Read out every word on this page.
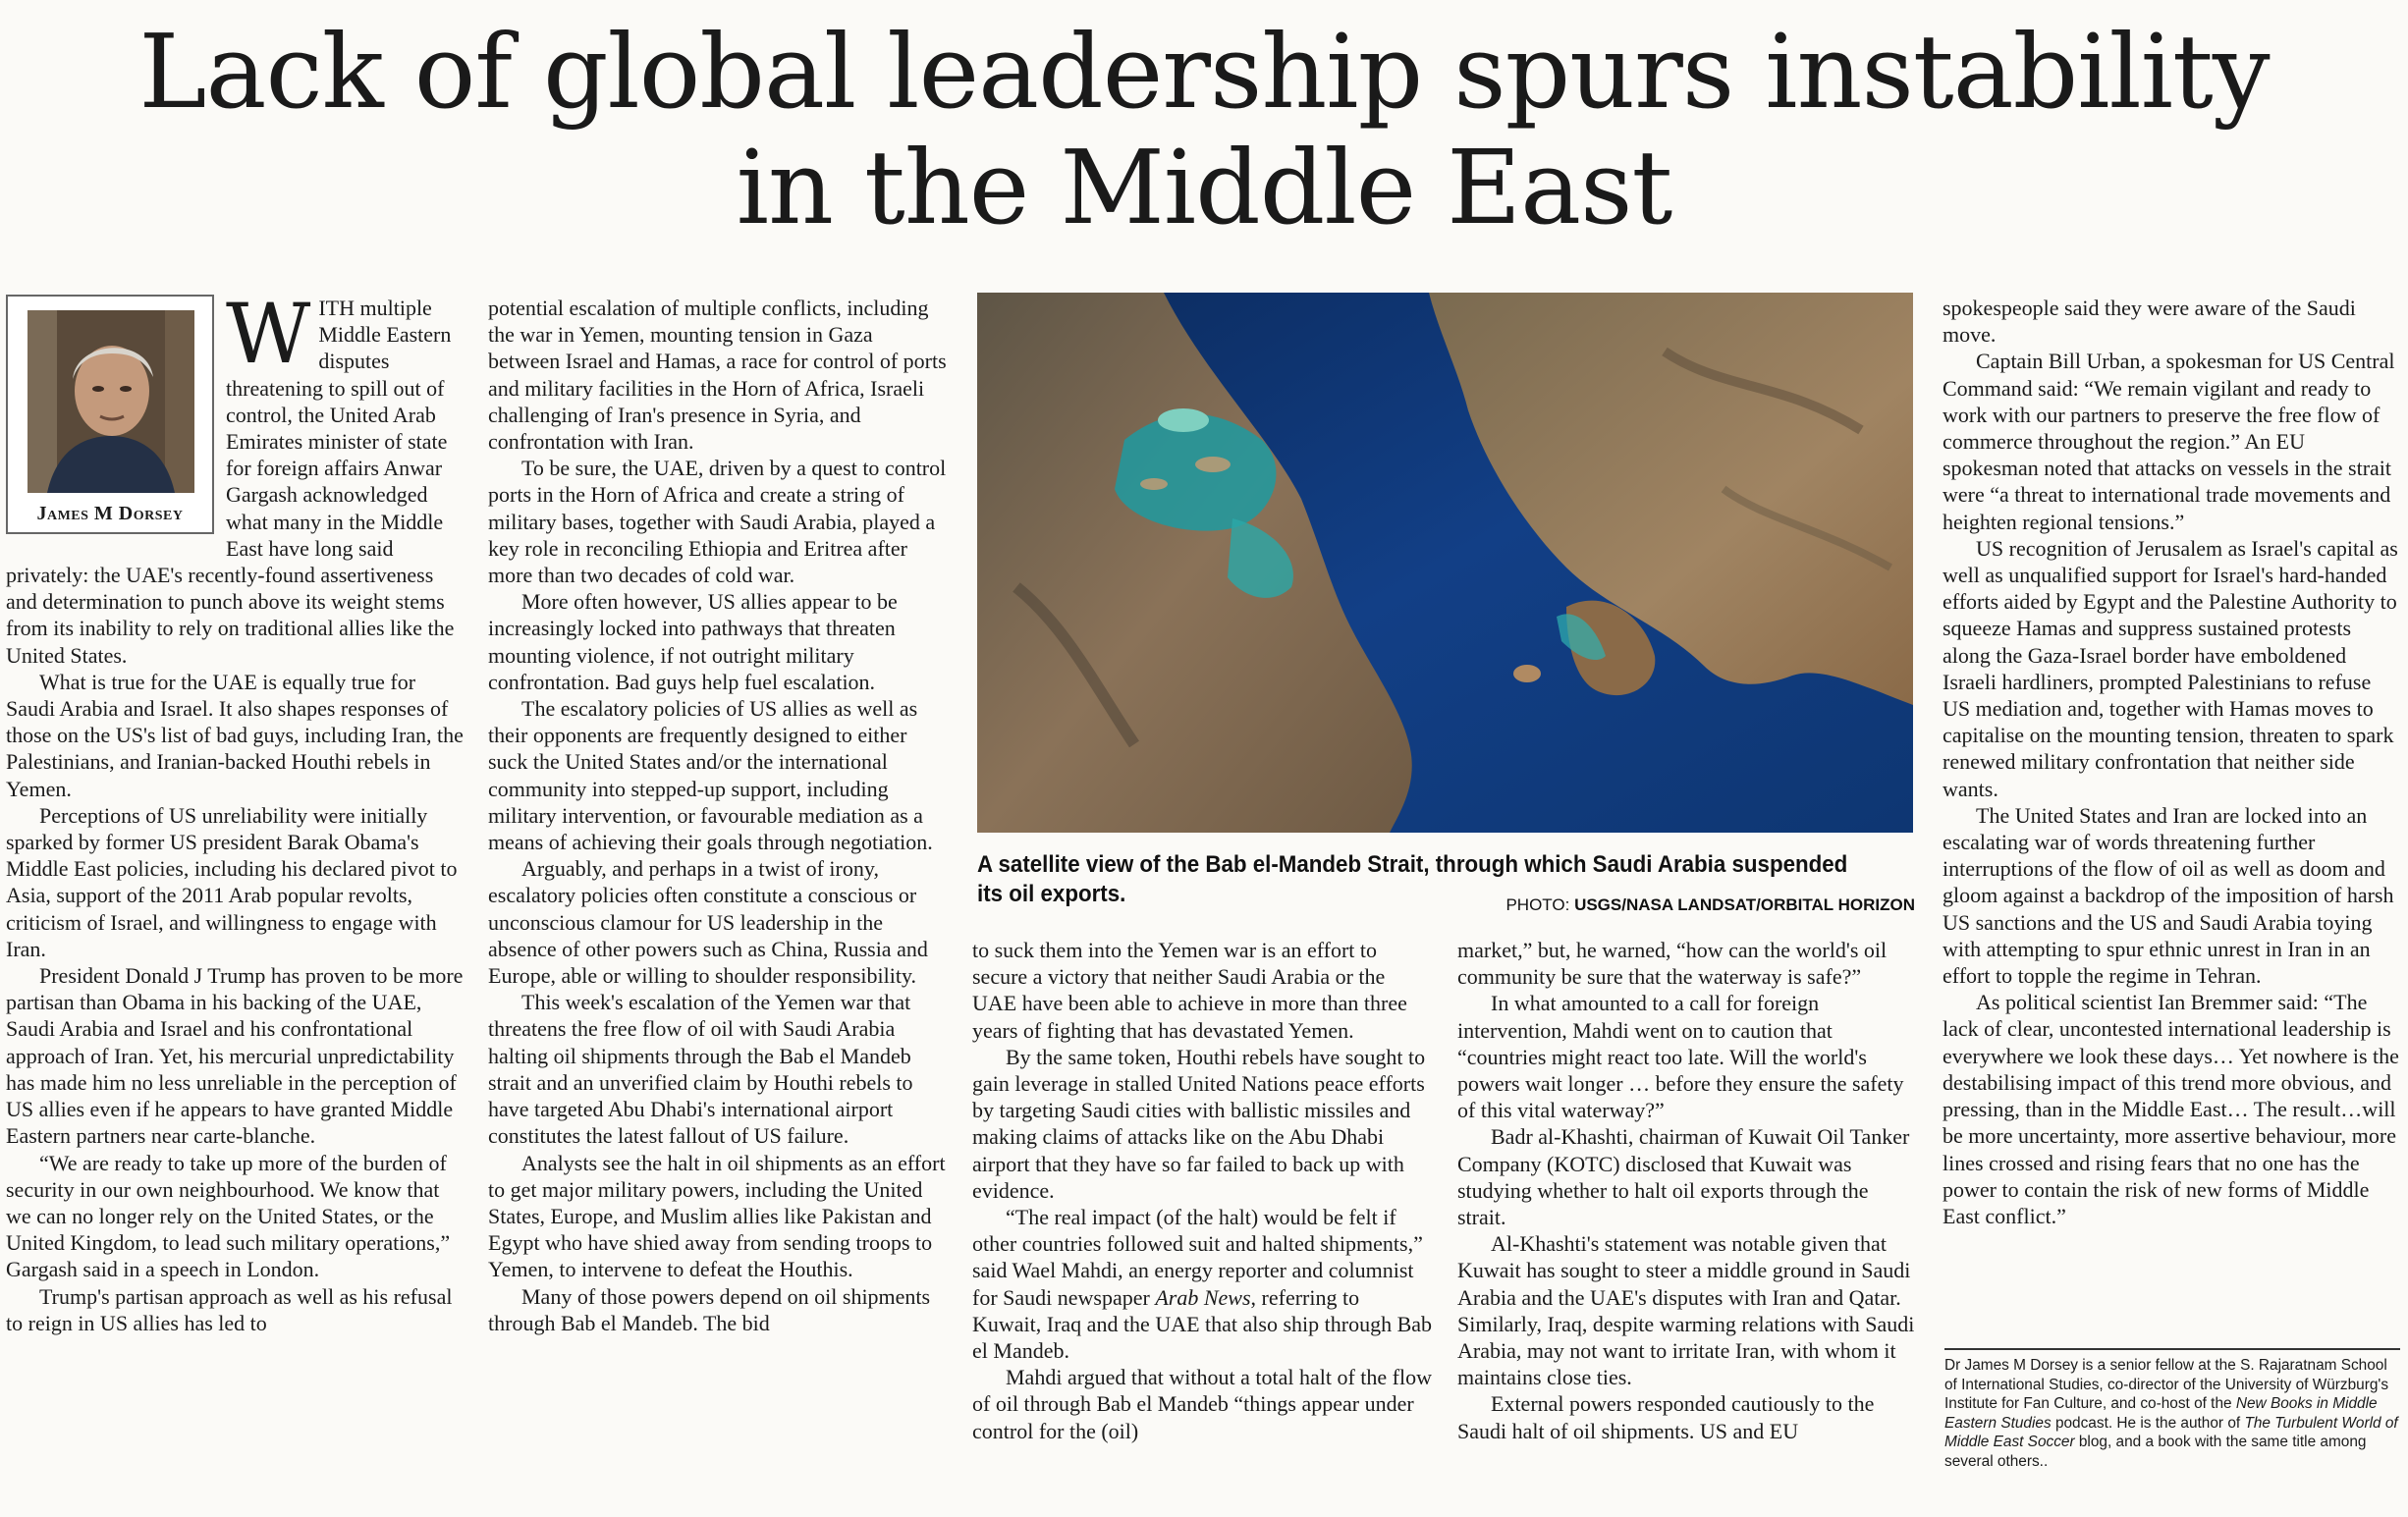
Lack of global leadership spurs instability
in the Middle East
James M Dorsey

WITH multiple Middle Eastern disputes threatening to spill out of control, the United Arab Emirates minister of state for foreign affairs Anwar Gargash acknowledged what many in the Middle East have long said privately: the UAE's recently-found assertiveness and determination to punch above its weight stems from its inability to rely on traditional allies like the United States.

What is true for the UAE is equally true for Saudi Arabia and Israel. It also shapes responses of those on the US's list of bad guys, including Iran, the Palestinians, and Iranian-backed Houthi rebels in Yemen.

Perceptions of US unreliability were initially sparked by former US president Barak Obama's Middle East policies, including his declared pivot to Asia, support of the 2011 Arab popular revolts, criticism of Israel, and willingness to engage with Iran.

President Donald J Trump has proven to be more partisan than Obama in his backing of the UAE, Saudi Arabia and Israel and his confrontational approach of Iran. Yet, his mercurial unpredictability has made him no less unreliable in the perception of US allies even if he appears to have granted Middle Eastern partners near carte-blanche.

“We are ready to take up more of the burden of security in our own neighbourhood. We know that we can no longer rely on the United States, or the United Kingdom, to lead such military operations,” Gargash said in a speech in London.

Trump's partisan approach as well as his refusal to reign in US allies has led to

potential escalation of multiple conflicts, including the war in Yemen, mounting tension in Gaza between Israel and Hamas, a race for control of ports and military facilities in the Horn of Africa, Israeli challenging of Iran's presence in Syria, and confrontation with Iran.

To be sure, the UAE, driven by a quest to control ports in the Horn of Africa and create a string of military bases, together with Saudi Arabia, played a key role in reconciling Ethiopia and Eritrea after more than two decades of cold war.

More often however, US allies appear to be increasingly locked into pathways that threaten mounting violence, if not outright military confrontation. Bad guys help fuel escalation.

The escalatory policies of US allies as well as their opponents are frequently designed to either suck the United States and/or the international community into stepped-up support, including military intervention, or favourable mediation as a means of achieving their goals through negotiation.

Arguably, and perhaps in a twist of irony, escalatory policies often constitute a conscious or unconscious clamour for US leadership in the absence of other powers such as China, Russia and Europe, able or willing to shoulder responsibility.

This week's escalation of the Yemen war that threatens the free flow of oil with Saudi Arabia halting oil shipments through the Bab el Mandeb strait and an unverified claim by Houthi rebels to have targeted Abu Dhabi's international airport constitutes the latest fallout of US failure.

Analysts see the halt in oil shipments as an effort to get major military powers, including the United States, Europe, and Muslim allies like Pakistan and Egypt who have shied away from sending troops to Yemen, to intervene to defeat the Houthis.

Many of those powers depend on oil shipments through Bab el Mandeb. The bid

A satellite view of the Bab el-Mandeb Strait, through which Saudi Arabia suspended its oil exports.	PHOTO: USGS/NASA LANDSAT/ORBITAL HORIZON

to suck them into the Yemen war is an effort to secure a victory that neither Saudi Arabia or the UAE have been able to achieve in more than three years of fighting that has devastated Yemen.

By the same token, Houthi rebels have sought to gain leverage in stalled United Nations peace efforts by targeting Saudi cities with ballistic missiles and making claims of attacks like on the Abu Dhabi airport that they have so far failed to back up with evidence.

“The real impact (of the halt) would be felt if other countries followed suit and halted shipments,” said Wael Mahdi, an energy reporter and columnist for Saudi newspaper Arab News, referring to Kuwait, Iraq and the UAE that also ship through Bab el Mandeb.

Mahdi argued that without a total halt of the flow of oil through Bab el Mandeb “things appear under control for the (oil)

market,” but, he warned, “how can the world's oil community be sure that the waterway is safe?”

In what amounted to a call for foreign intervention, Mahdi went on to caution that “countries might react too late. Will the world's powers wait longer … before they ensure the safety of this vital waterway?”

Badr al-Khashti, chairman of Kuwait Oil Tanker Company (KOTC) disclosed that Kuwait was studying whether to halt oil exports through the strait.

Al-Khashti's statement was notable given that Kuwait has sought to steer a middle ground in Saudi Arabia and the UAE's disputes with Iran and Qatar. Similarly, Iraq, despite warming relations with Saudi Arabia, may not want to irritate Iran, with whom it maintains close ties.

External powers responded cautiously to the Saudi halt of oil shipments. US and EU

spokespeople said they were aware of the Saudi move.

Captain Bill Urban, a spokesman for US Central Command said: “We remain vigilant and ready to work with our partners to preserve the free flow of commerce throughout the region.” An EU spokesman noted that attacks on vessels in the strait were “a threat to international trade movements and heighten regional tensions.”

US recognition of Jerusalem as Israel's capital as well as unqualified support for Israel's hard-handed efforts aided by Egypt and the Palestine Authority to squeeze Hamas and suppress sustained protests along the Gaza-Israel border have emboldened Israeli hardliners, prompted Palestinians to refuse US mediation and, together with Hamas moves to capitalise on the mounting tension, threaten to spark renewed military confrontation that neither side wants.

The United States and Iran are locked into an escalating war of words threatening further interruptions of the flow of oil as well as doom and gloom against a backdrop of the imposition of harsh US sanctions and the US and Saudi Arabia toying with attempting to spur ethnic unrest in Iran in an effort to topple the regime in Tehran.

As political scientist Ian Bremmer said: “The lack of clear, uncontested international leadership is everywhere we look these days… Yet nowhere is the destabilising impact of this trend more obvious, and pressing, than in the Middle East… The result…will be more uncertainty, more assertive behaviour, more lines crossed and rising fears that no one has the power to contain the risk of new forms of Middle East conflict.”

Dr James M Dorsey is a senior fellow at the S. Rajaratnam School of International Studies, co-director of the University of Würzburg's Institute for Fan Culture, and co-host of the New Books in Middle Eastern Studies podcast. He is the author of The Turbulent World of Middle East Soccer blog, and a book with the same title among several others..
